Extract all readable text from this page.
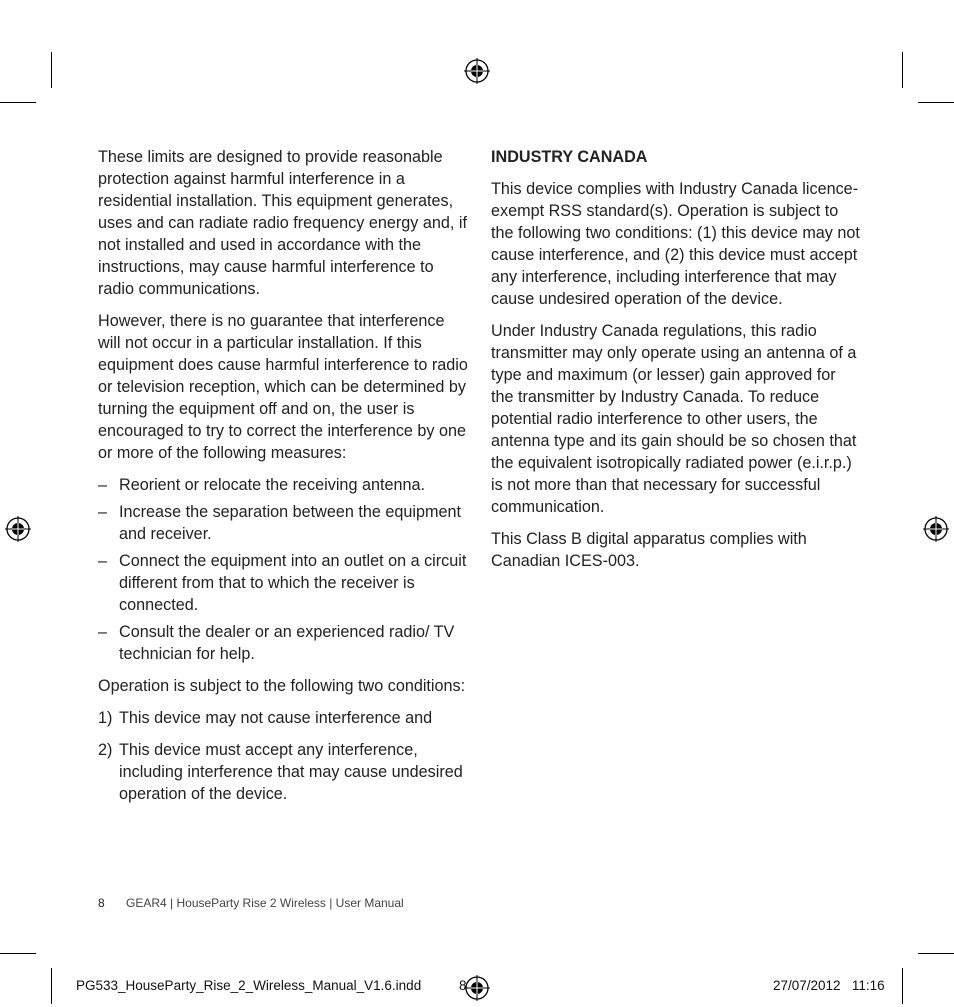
These limits are designed to provide reasonable protection against harmful interference in a residential installation. This equipment generates, uses and can radiate radio frequency energy and, if not installed and used in accordance with the instructions, may cause harmful interference to radio communications.

However, there is no guarantee that interference will not occur in a particular installation. If this equipment does cause harmful interference to radio or television reception, which can be determined by turning the equipment off and on, the user is encouraged to try to correct the interference by one or more of the following measures:

– Reorient or relocate the receiving antenna.
– Increase the separation between the equipment and receiver.
– Connect the equipment into an outlet on a circuit different from that to which the receiver is connected.
– Consult the dealer or an experienced radio/ TV technician for help.

Operation is subject to the following two conditions:

1) This device may not cause interference and
2) This device must accept any interference, including interference that may cause undesired operation of the device.

INDUSTRY CANADA

This device complies with Industry Canada licence-exempt RSS standard(s). Operation is subject to the following two conditions: (1) this device may not cause interference, and (2) this device must accept any interference, including interference that may cause undesired operation of the device.

Under Industry Canada regulations, this radio transmitter may only operate using an antenna of a type and maximum (or lesser) gain approved for the transmitter by Industry Canada. To reduce potential radio interference to other users, the antenna type and its gain should be so chosen that the equivalent isotropically radiated power (e.i.r.p.) is not more than that necessary for successful communication.

This Class B digital apparatus complies with Canadian ICES-003.

8 GEAR4 | HouseParty Rise 2 Wireless | User Manual
PG533_HouseParty_Rise_2_Wireless_Manual_V1.6.indd	8	27/07/2012   11:16
